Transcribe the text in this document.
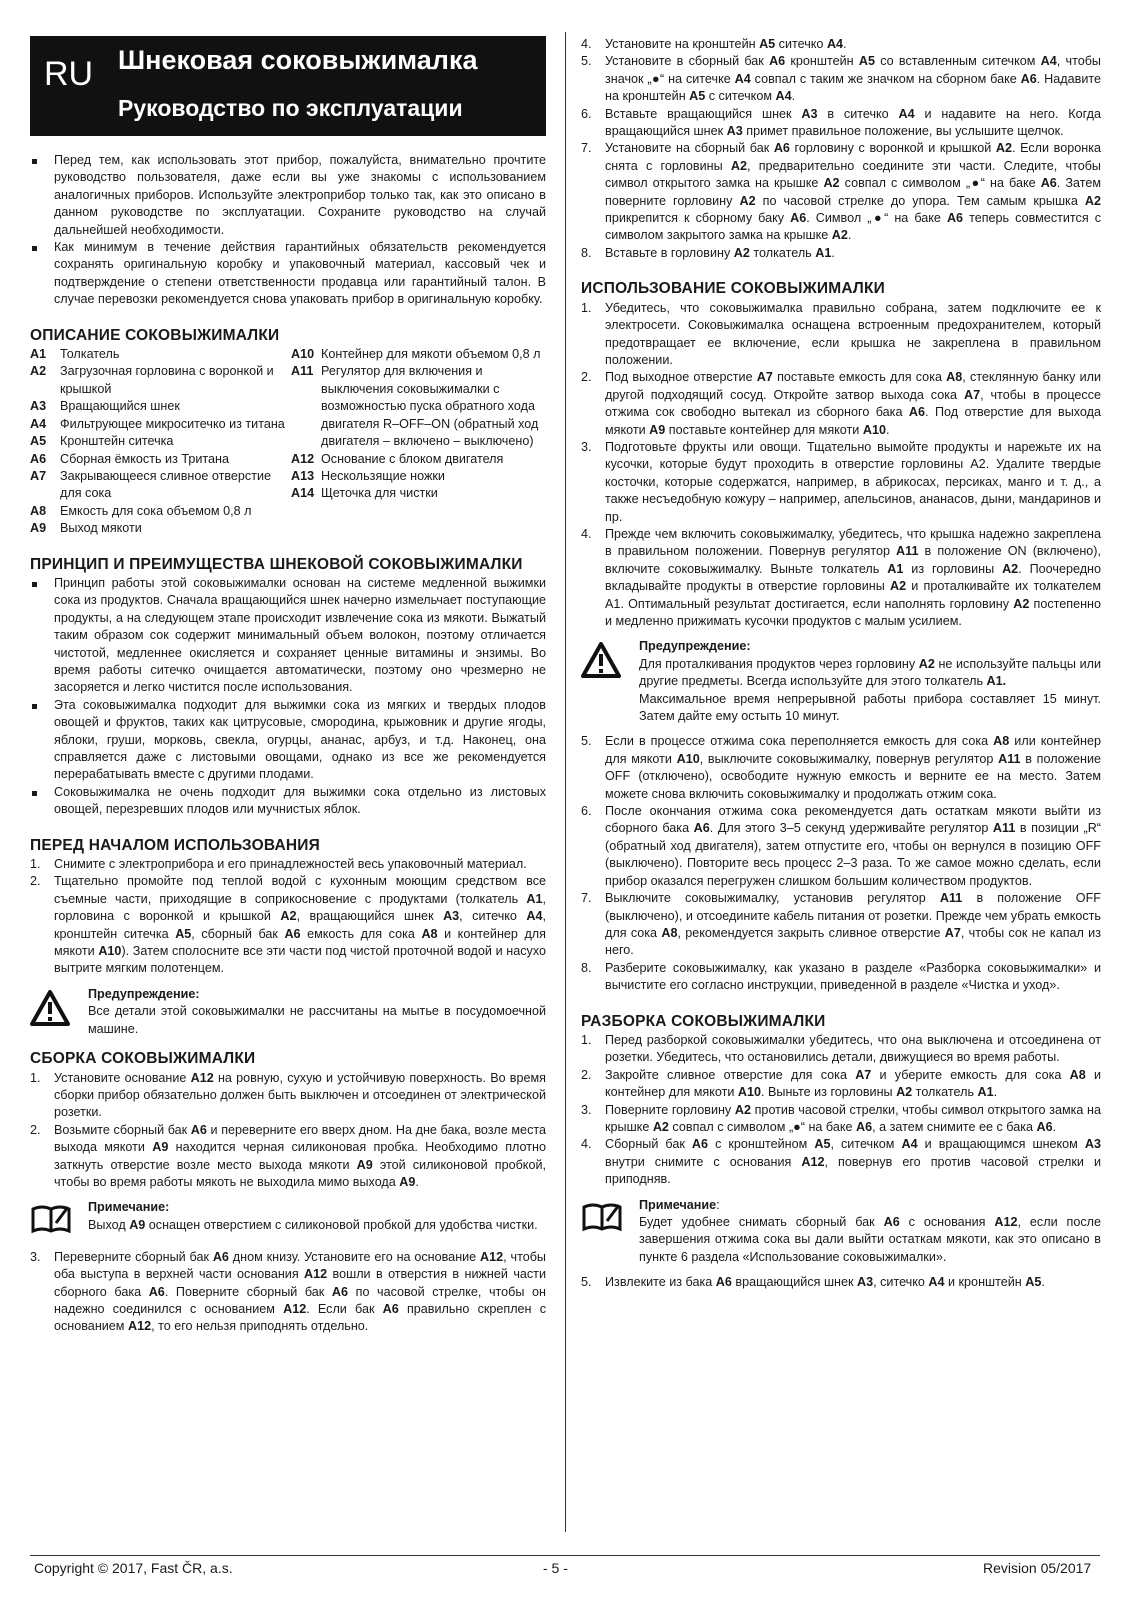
RU Шнековая соковыжималка
Руководство по эксплуатации
Перед тем, как использовать этот прибор, пожалуйста, внимательно прочтите руководство пользователя, даже если вы уже знакомы с использованием аналогичных приборов. Используйте электроприбор только так, как это описано в данном руководстве по эксплуатации. Сохраните руководство на случай дальнейшей необходимости.
Как минимум в течение действия гарантийных обязательств рекомендуется сохранять оригинальную коробку и упаковочный материал, кассовый чек и подтверждение о степени ответственности продавца или гарантийный талон. В случае перевозки рекомендуется снова упаковать прибор в оригинальную коробку.
ОПИСАНИЕ СОКОВЫЖИМАЛКИ
A1	Толкатель
A2	Загрузочная горловина с воронкой и крышкой
A3	Вращающийся шнек
A4	Фильтрующее микроситечко из титана
A5	Кронштейн ситечка
A6	Сборная ёмкость из Тритана
A7	Закрывающееся сливное отверстие для сока
A8	Емкость для сока объемом 0,8 л
A9	Выход мякоти
A10 Контейнер для мякоти объемом 0,8 л
A11 Регулятор для включения и выключения соковыжималки с возможностью пуска обратного хода двигателя R–OFF–ON (обратный ход двигателя – включено – выключено)
A12 Основание с блоком двигателя
A13 Нескользящие ножки
A14 Щеточка для чистки
ПРИНЦИП И ПРЕИМУЩЕСТВА ШНЕКОВОЙ СОКОВЫЖИМАЛКИ
Принцип работы этой соковыжималки основан на системе медленной выжимки сока из продуктов. Сначала вращающийся шнек начерно измельчает поступающие продукты, а на следующем этапе происходит извлечение сока из мякоти. Выжатый таким образом сок содержит минимальный объем волокон, поэтому отличается чистотой, медленнее окисляется и сохраняет ценные витамины и энзимы. Во время работы ситечко очищается автоматически, поэтому оно чрезмерно не засоряется и легко чистится после использования.
Эта соковыжималка подходит для выжимки сока из мягких и твердых плодов овощей и фруктов, таких как цитрусовые, смородина, крыжовник и другие ягоды, яблоки, груши, морковь, свекла, огурцы, ананас, арбуз, и т.д. Наконец, она справляется даже с листовыми овощами, однако из все же рекомендуется перерабатывать вместе с другими плодами.
Соковыжималка не очень подходит для выжимки сока отдельно из листовых овощей, перезревших плодов или мучнистых яблок.
ПЕРЕД НАЧАЛОМ ИСПОЛЬЗОВАНИЯ
1. Снимите с электроприбора и его принадлежностей весь упаковочный материал.
2. Тщательно промойте под теплой водой с кухонным моющим средством все съемные части, приходящие в соприкосновение с продуктами (толкатель A1, горловина с воронкой и крышкой A2, вращающийся шнек A3, ситечко A4, кронштейн ситечка A5, сборный бак A6 емкость для сока A8 и контейнер для мякоти A10). Затем сполосните все эти части под чистой проточной водой и насухо вытрите мягким полотенцем.
Предупреждение:
Все детали этой соковыжималки не рассчитаны на мытье в посудомоечной машине.
СБОРКА СОКОВЫЖИМАЛКИ
1. Установите основание A12 на ровную, сухую и устойчивую поверхность. Во время сборки прибор обязательно должен быть выключен и отсоединен от электрической розетки.
2. Возьмите сборный бак A6 и переверните его вверх дном. На дне бака, возле места выхода мякоти A9 находится черная силиконовая пробка. Необходимо плотно заткнуть отверстие возле место выхода мякоти A9 этой силиконовой пробкой, чтобы во время работы мякоть не выходила мимо выхода A9.
Примечание:
Выход A9 оснащен отверстием с силиконовой пробкой для удобства чистки.
3. Переверните сборный бак A6 дном книзу. Установите его на основание A12, чтобы оба выступа в верхней части основания A12 вошли в отверстия в нижней части сборного бака A6. Поверните сборный бак A6 по часовой стрелке, чтобы он надежно соединился с основанием A12. Если бак A6 правильно скреплен с основанием A12, то его нельзя приподнять отдельно.
4. Установите на кронштейн A5 ситечко A4.
5. Установите в сборный бак A6 кронштейн A5 со вставленным ситечком A4, чтобы значок „●“ на ситечке A4 совпал с таким же значком на сборном баке A6. Надавите на кронштейн A5 с ситечком A4.
6. Вставьте вращающийся шнек A3 в ситечко A4 и надавите на него. Когда вращающийся шнек A3 примет правильное положение, вы услышите щелчок.
7. Установите на сборный бак A6 горловину с воронкой и крышкой A2. Если воронка снята с горловины A2, предварительно соедините эти части. Следите, чтобы символ открытого замка на крышке A2 совпал с символом „●“ на баке A6. Затем поверните горловину A2 по часовой стрелке до упора. Тем самым крышка A2 прикрепится к сборному баку A6. Символ „●“ на баке A6 теперь совместится с символом закрытого замка на крышке A2.
8. Вставьте в горловину A2 толкатель A1.
ИСПОЛЬЗОВАНИЕ СОКОВЫЖИМАЛКИ
1. Убедитесь, что соковыжималка правильно собрана, затем подключите ее к электросети. Соковыжималка оснащена встроенным предохранителем, который предотвращает ее включение, если крышка не закреплена в правильном положении.
2. Под выходное отверстие A7 поставьте емкость для сока A8, стеклянную банку или другой подходящий сосуд. Откройте затвор выхода сока A7, чтобы в процессе отжима сок свободно вытекал из сборного бака A6. Под отверстие для выхода мякоти A9 поставьте контейнер для мякоти A10.
3. Подготовьте фрукты или овощи. Тщательно вымойте продукты и нарежьте их на кусочки, которые будут проходить в отверстие горловины A2. Удалите твердые косточки, которые содержатся, например, в абрикосах, персиках, манго и т. д., а также несъедобную кожуру – например, апельсинов, ананасов, дыни, мандаринов и пр.
4. Прежде чем включить соковыжималку, убедитесь, что крышка надежно закреплена в правильном положении. Повернув регулятор A11 в положение ON (включено), включите соковыжималку. Выньте толкатель A1 из горловины A2. Поочередно вкладывайте продукты в отверстие горловины A2 и проталкивайте их толкателем A1. Оптимальный результат достигается, если наполнять горловину A2 постепенно и медленно прижимать кусочки продуктов с малым усилием.
Предупреждение:
Для проталкивания продуктов через горловину A2 не используйте пальцы или другие предметы. Всегда используйте для этого толкатель A1.
Максимальное время непрерывной работы прибора составляет 15 минут. Затем дайте ему остыть 10 минут.
5. Если в процессе отжима сока переполняется емкость для сока A8 или контейнер для мякоти A10, выключите соковыжималку, повернув регулятор A11 в положение OFF (отключено), освободите нужную емкость и верните ее на место. Затем можете снова включить соковыжималку и продолжать отжим сока.
6. После окончания отжима сока рекомендуется дать остаткам мякоти выйти из сборного бака A6. Для этого 3–5 секунд удерживайте регулятор A11 в позиции „R“ (обратный ход двигателя), затем отпустите его, чтобы он вернулся в позицию OFF (выключено). Повторите весь процесс 2–3 раза. То же самое можно сделать, если прибор оказался перегружен слишком большим количеством продуктов.
7. Выключите соковыжималку, установив регулятор A11 в положение OFF (выключено), и отсоедините кабель питания от розетки. Прежде чем убрать емкость для сока A8, рекомендуется закрыть сливное отверстие A7, чтобы сок не капал из него.
8. Разберите соковыжималку, как указано в разделе «Разборка соковыжималки» и вычистите его согласно инструкции, приведенной в разделе «Чистка и уход».
РАЗБОРКА СОКОВЫЖИМАЛКИ
1. Перед разборкой соковыжималки убедитесь, что она выключена и отсоединена от розетки. Убедитесь, что остановились детали, движущиеся во время работы.
2. Закройте сливное отверстие для сока A7 и уберите емкость для сока A8 и контейнер для мякоти A10. Выньте из горловины A2 толкатель A1.
3. Поверните горловину A2 против часовой стрелки, чтобы символ открытого замка на крышке A2 совпал с символом „●“ на баке A6, а затем снимите ее с бака A6.
4. Сборный бак A6 с кронштейном A5, ситечком A4 и вращающимся шнеком A3 внутри снимите с основания A12, повернув его против часовой стрелки и приподняв.
Примечание:
Будет удобнее снимать сборный бак A6 с основания A12, если после завершения отжима сока вы дали выйти остаткам мякоти, как это описано в пункте 6 раздела «Использование соковыжималки».
5. Извлеките из бака A6 вращающийся шнек A3, ситечко A4 и кронштейн A5.
Copyright © 2017, Fast ČR, a.s.	- 5 -	Revision 05/2017
